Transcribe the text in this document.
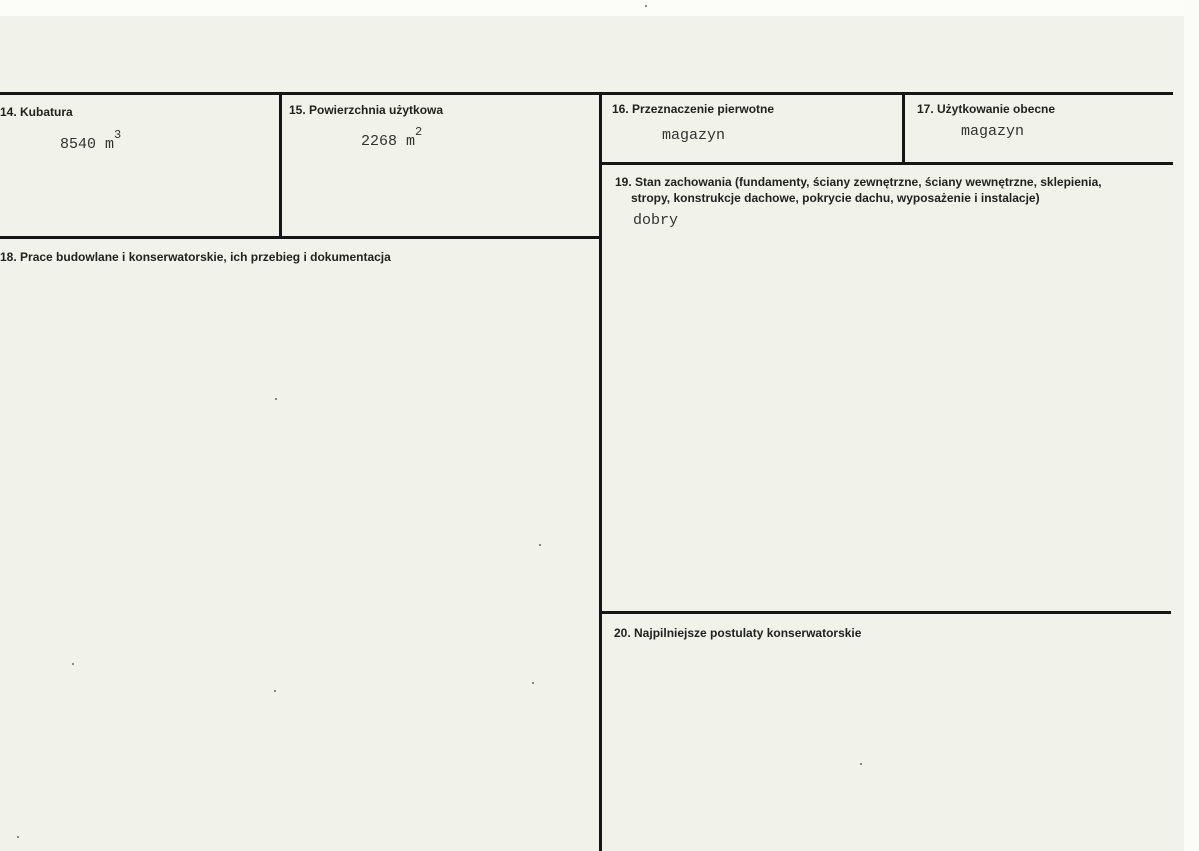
14. Kubatura
8540 $m^3$
15. Powierzchnia użytkowa
2268 $m^2$
16. Przeznaczenie pierwotne
magazyn
17. Użytkowanie obecne
magazyn
18. Prace budowlane i konserwatorskie, ich przebieg i dokumentacja
19. Stan zachowania (fundamenty, ściany zewnętrzne, ściany wewnętrzne, sklepienia,
stropy, konstrukcje dachowe, pokrycie dachu, wyposażenie i instalacje)
dobry
20. Najpilniejsze postulaty konserwatorskie
